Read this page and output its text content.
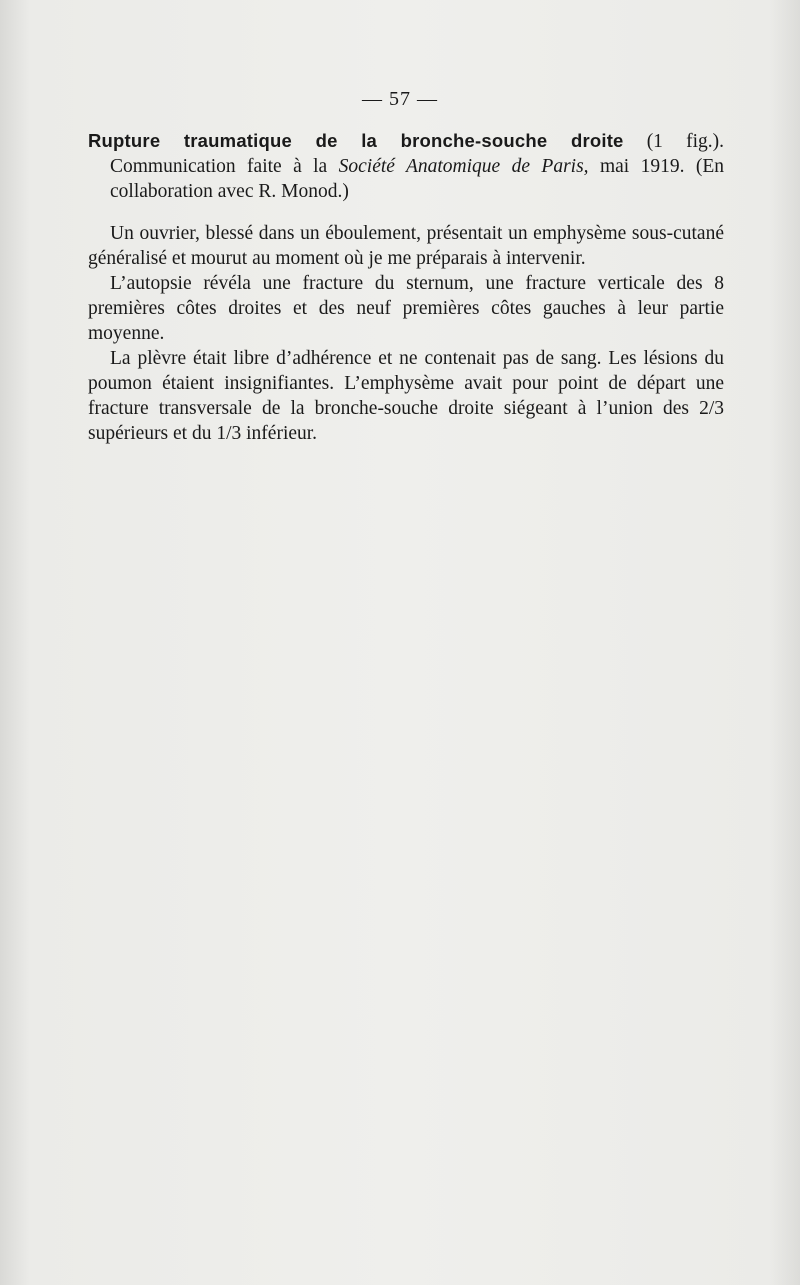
— 57 —

Rupture traumatique de la bronche-souche droite (1 fig.). Communication faite à la Société Anatomique de Paris, mai 1919. (En collaboration avec R. Monod.)

Un ouvrier, blessé dans un éboulement, présentait un emphysème sous-cutané généralisé et mourut au moment où je me préparais à intervenir.

L’autopsie révéla une fracture du sternum, une fracture verticale des 8 premières côtes droites et des neuf premières côtes gauches à leur partie moyenne.

La plèvre était libre d’adhérence et ne contenait pas de sang. Les lésions du poumon étaient insignifiantes. L’emphysème avait pour point de départ une fracture transversale de la bronche-souche droite siégeant à l’union des 2/3 supérieurs et du 1/3 inférieur.
